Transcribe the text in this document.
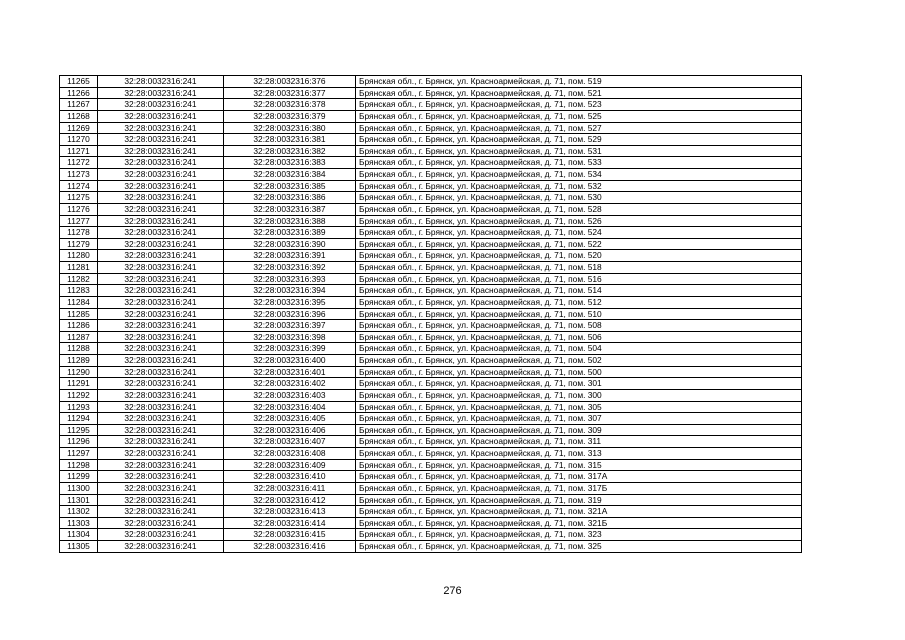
11265	32:28:0032316:241	32:28:0032316:376	Брянская обл., г. Брянск, ул. Красноармейская, д. 71, пом. 519
11266	32:28:0032316:241	32:28:0032316:377	Брянская обл., г. Брянск, ул. Красноармейская, д. 71, пом. 521
11267	32:28:0032316:241	32:28:0032316:378	Брянская обл., г. Брянск, ул. Красноармейская, д. 71, пом. 523
11268	32:28:0032316:241	32:28:0032316:379	Брянская обл., г. Брянск, ул. Красноармейская, д. 71, пом. 525
11269	32:28:0032316:241	32:28:0032316:380	Брянская обл., г. Брянск, ул. Красноармейская, д. 71, пом. 527
11270	32:28:0032316:241	32:28:0032316:381	Брянская обл., г. Брянск, ул. Красноармейская, д. 71, пом. 529
11271	32:28:0032316:241	32:28:0032316:382	Брянская обл., г. Брянск, ул. Красноармейская, д. 71, пом. 531
11272	32:28:0032316:241	32:28:0032316:383	Брянская обл., г. Брянск, ул. Красноармейская, д. 71, пом. 533
11273	32:28:0032316:241	32:28:0032316:384	Брянская обл., г. Брянск, ул. Красноармейская, д. 71, пом. 534
11274	32:28:0032316:241	32:28:0032316:385	Брянская обл., г. Брянск, ул. Красноармейская, д. 71, пом. 532
11275	32:28:0032316:241	32:28:0032316:386	Брянская обл., г. Брянск, ул. Красноармейская, д. 71, пом. 530
11276	32:28:0032316:241	32:28:0032316:387	Брянская обл., г. Брянск, ул. Красноармейская, д. 71, пом. 528
11277	32:28:0032316:241	32:28:0032316:388	Брянская обл., г. Брянск, ул. Красноармейская, д. 71, пом. 526
11278	32:28:0032316:241	32:28:0032316:389	Брянская обл., г. Брянск, ул. Красноармейская, д. 71, пом. 524
11279	32:28:0032316:241	32:28:0032316:390	Брянская обл., г. Брянск, ул. Красноармейская, д. 71, пом. 522
11280	32:28:0032316:241	32:28:0032316:391	Брянская обл., г. Брянск, ул. Красноармейская, д. 71, пом. 520
11281	32:28:0032316:241	32:28:0032316:392	Брянская обл., г. Брянск, ул. Красноармейская, д. 71, пом. 518
11282	32:28:0032316:241	32:28:0032316:393	Брянская обл., г. Брянск, ул. Красноармейская, д. 71, пом. 516
11283	32:28:0032316:241	32:28:0032316:394	Брянская обл., г. Брянск, ул. Красноармейская, д. 71, пом. 514
11284	32:28:0032316:241	32:28:0032316:395	Брянская обл., г. Брянск, ул. Красноармейская, д. 71, пом. 512
11285	32:28:0032316:241	32:28:0032316:396	Брянская обл., г. Брянск, ул. Красноармейская, д. 71, пом. 510
11286	32:28:0032316:241	32:28:0032316:397	Брянская обл., г. Брянск, ул. Красноармейская, д. 71, пом. 508
11287	32:28:0032316:241	32:28:0032316:398	Брянская обл., г. Брянск, ул. Красноармейская, д. 71, пом. 506
11288	32:28:0032316:241	32:28:0032316:399	Брянская обл., г. Брянск, ул. Красноармейская, д. 71, пом. 504
11289	32:28:0032316:241	32:28:0032316:400	Брянская обл., г. Брянск, ул. Красноармейская, д. 71, пом. 502
11290	32:28:0032316:241	32:28:0032316:401	Брянская обл., г. Брянск, ул. Красноармейская, д. 71, пом. 500
11291	32:28:0032316:241	32:28:0032316:402	Брянская обл., г. Брянск, ул. Красноармейская, д. 71, пом. 301
11292	32:28:0032316:241	32:28:0032316:403	Брянская обл., г. Брянск, ул. Красноармейская, д. 71, пом. 300
11293	32:28:0032316:241	32:28:0032316:404	Брянская обл., г. Брянск, ул. Красноармейская, д. 71, пом. 305
11294	32:28:0032316:241	32:28:0032316:405	Брянская обл., г. Брянск, ул. Красноармейская, д. 71, пом. 307
11295	32:28:0032316:241	32:28:0032316:406	Брянская обл., г. Брянск, ул. Красноармейская, д. 71, пом. 309
11296	32:28:0032316:241	32:28:0032316:407	Брянская обл., г. Брянск, ул. Красноармейская, д. 71, пом. 311
11297	32:28:0032316:241	32:28:0032316:408	Брянская обл., г. Брянск, ул. Красноармейская, д. 71, пом. 313
11298	32:28:0032316:241	32:28:0032316:409	Брянская обл., г. Брянск, ул. Красноармейская, д. 71, пом. 315
11299	32:28:0032316:241	32:28:0032316:410	Брянская обл., г. Брянск, ул. Красноармейская, д. 71, пом. 317А
11300	32:28:0032316:241	32:28:0032316:411	Брянская обл., г. Брянск, ул. Красноармейская, д. 71, пом. 317Б
11301	32:28:0032316:241	32:28:0032316:412	Брянская обл., г. Брянск, ул. Красноармейская, д. 71, пом. 319
11302	32:28:0032316:241	32:28:0032316:413	Брянская обл., г. Брянск, ул. Красноармейская, д. 71, пом. 321А
11303	32:28:0032316:241	32:28:0032316:414	Брянская обл., г. Брянск, ул. Красноармейская, д. 71, пом. 321Б
11304	32:28:0032316:241	32:28:0032316:415	Брянская обл., г. Брянск, ул. Красноармейская, д. 71, пом. 323
11305	32:28:0032316:241	32:28:0032316:416	Брянская обл., г. Брянск, ул. Красноармейская, д. 71, пом. 325
276
